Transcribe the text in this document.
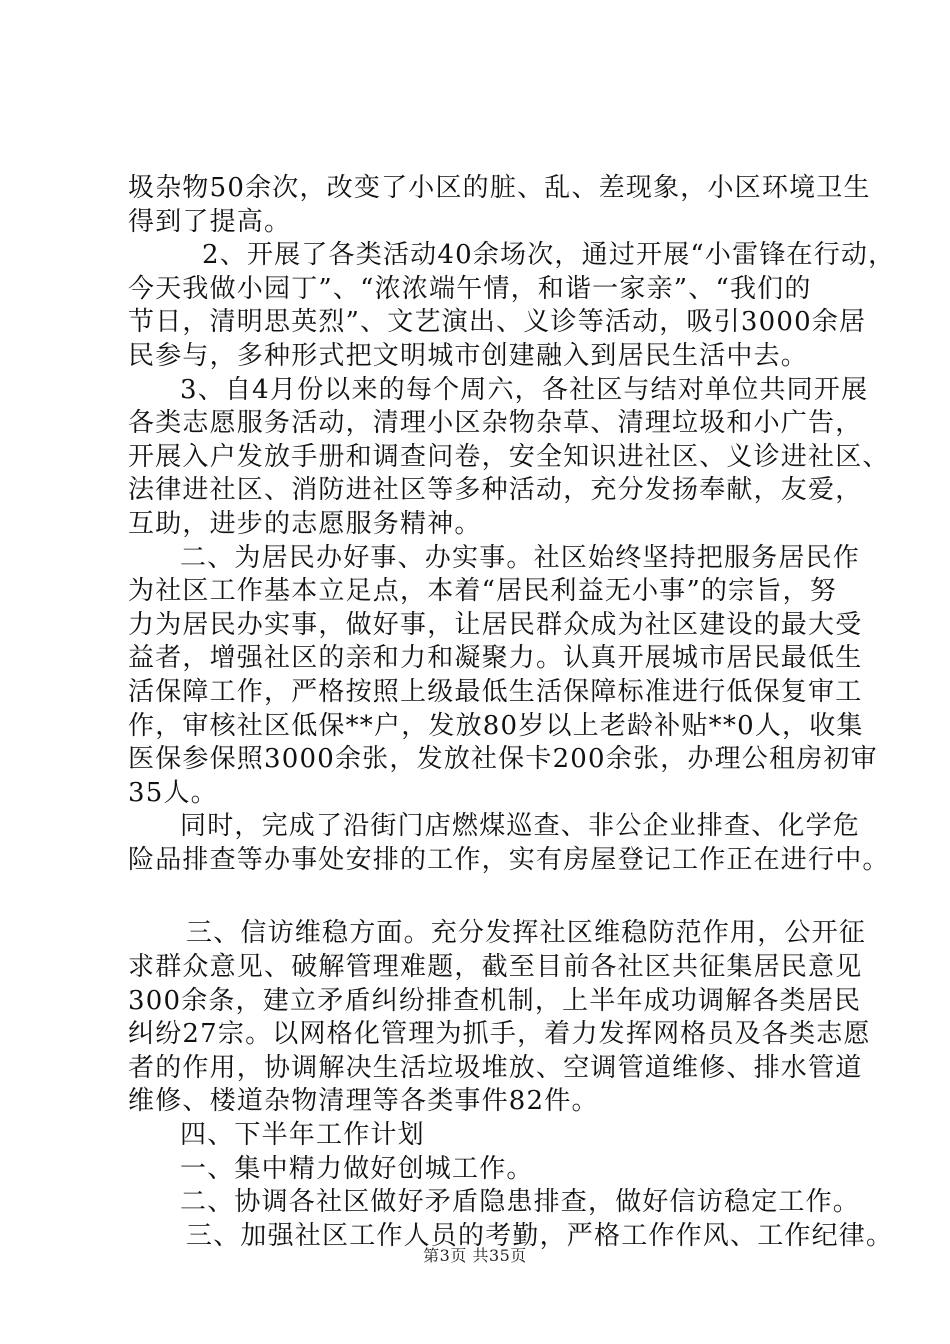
圾杂物50余次，改变了小区的脏、乱、差现象，小区环境卫生
得到了提高。
2、开展了各类活动40余场次，通过开展“小雷锋在行动，
今天我做小园丁”、“浓浓端午情，和谐一家亲”、“我们的
节日，清明思英烈”、文艺演出、义诊等活动，吸引3000余居
民参与，多种形式把文明城市创建融入到居民生活中去。
3、自4月份以来的每个周六，各社区与结对单位共同开展
各类志愿服务活动，清理小区杂物杂草、清理垃圾和小广告，
开展入户发放手册和调查问卷，安全知识进社区、义诊进社区、
法律进社区、消防进社区等多种活动，充分发扬奉献，友爱，
互助，进步的志愿服务精神。
二、为居民办好事、办实事。社区始终坚持把服务居民作
为社区工作基本立足点，本着“居民利益无小事”的宗旨，努
力为居民办实事，做好事，让居民群众成为社区建设的最大受
益者，增强社区的亲和力和凝聚力。认真开展城市居民最低生
活保障工作，严格按照上级最低生活保障标准进行低保复审工
作，审核社区低保**户，发放80岁以上老龄补贴**0人，收集
医保参保照3000余张，发放社保卡200余张，办理公租房初审
35人。
同时，完成了沿街门店燃煤巡查、非公企业排查、化学危
险品排查等办事处安排的工作，实有房屋登记工作正在进行中。
三、信访维稳方面。充分发挥社区维稳防范作用，公开征
求群众意见、破解管理难题，截至目前各社区共征集居民意见
300余条，建立矛盾纠纷排查机制，上半年成功调解各类居民
纠纷27宗。以网格化管理为抓手，着力发挥网格员及各类志愿
者的作用，协调解决生活垃圾堆放、空调管道维修、排水管道
维修、楼道杂物清理等各类事件82件。
四、下半年工作计划
一、集中精力做好创城工作。
二、协调各社区做好矛盾隐患排查，做好信访稳定工作。
三、加强社区工作人员的考勤，严格工作作风、工作纪律。
第3页 共35页
